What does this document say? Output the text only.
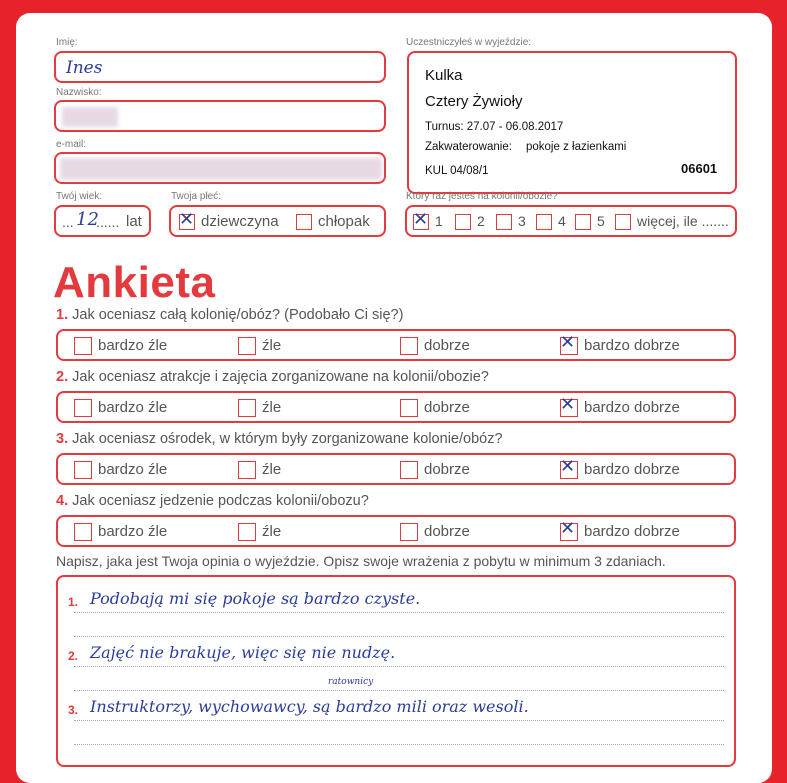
Imię:
Ines
Nazwisko:
e-mail:
Twój wiek:
... 12
...... lat
Twoja płeć:
✕ dziewczyna	chłopak
Uczestniczyłeś w wyjeździe:
Kulka
Cztery Żywioły
Turnus: 27.07 - 06.08.2017
Zakwaterowanie: pokoje z łazienkami
KUL 04/08/1	06601
Który raz jesteś na kolonii/obozie?
✕ 1	2	3	4	5	więcej, ile .......
Ankieta
1. Jak oceniasz całą kolonię/obóz? (Podobało Ci się?)
bardzo źle	źle	dobrze	✕ bardzo dobrze
2. Jak oceniasz atrakcje i zajęcia zorganizowane na kolonii/obozie?
bardzo źle	źle	dobrze	✕ bardzo dobrze
3. Jak oceniasz ośrodek, w którym były zorganizowane kolonie/obóz?
bardzo źle	źle	dobrze	✕ bardzo dobrze
4. Jak oceniasz jedzenie podczas kolonii/obozu?
bardzo źle	źle	dobrze	✕ bardzo dobrze
Napisz, jaka jest Twoja opinia o wyjeździe. Opisz swoje wrażenia z pobytu w minimum 3 zdaniach.
1. Podobają mi się pokoje są bardzo czyste.
2. Zajęć nie brakuje, więc się nie nudzę.
ratownicy
3. Instruktorzy, wychowawcy, są bardzo mili oraz wesoli.
